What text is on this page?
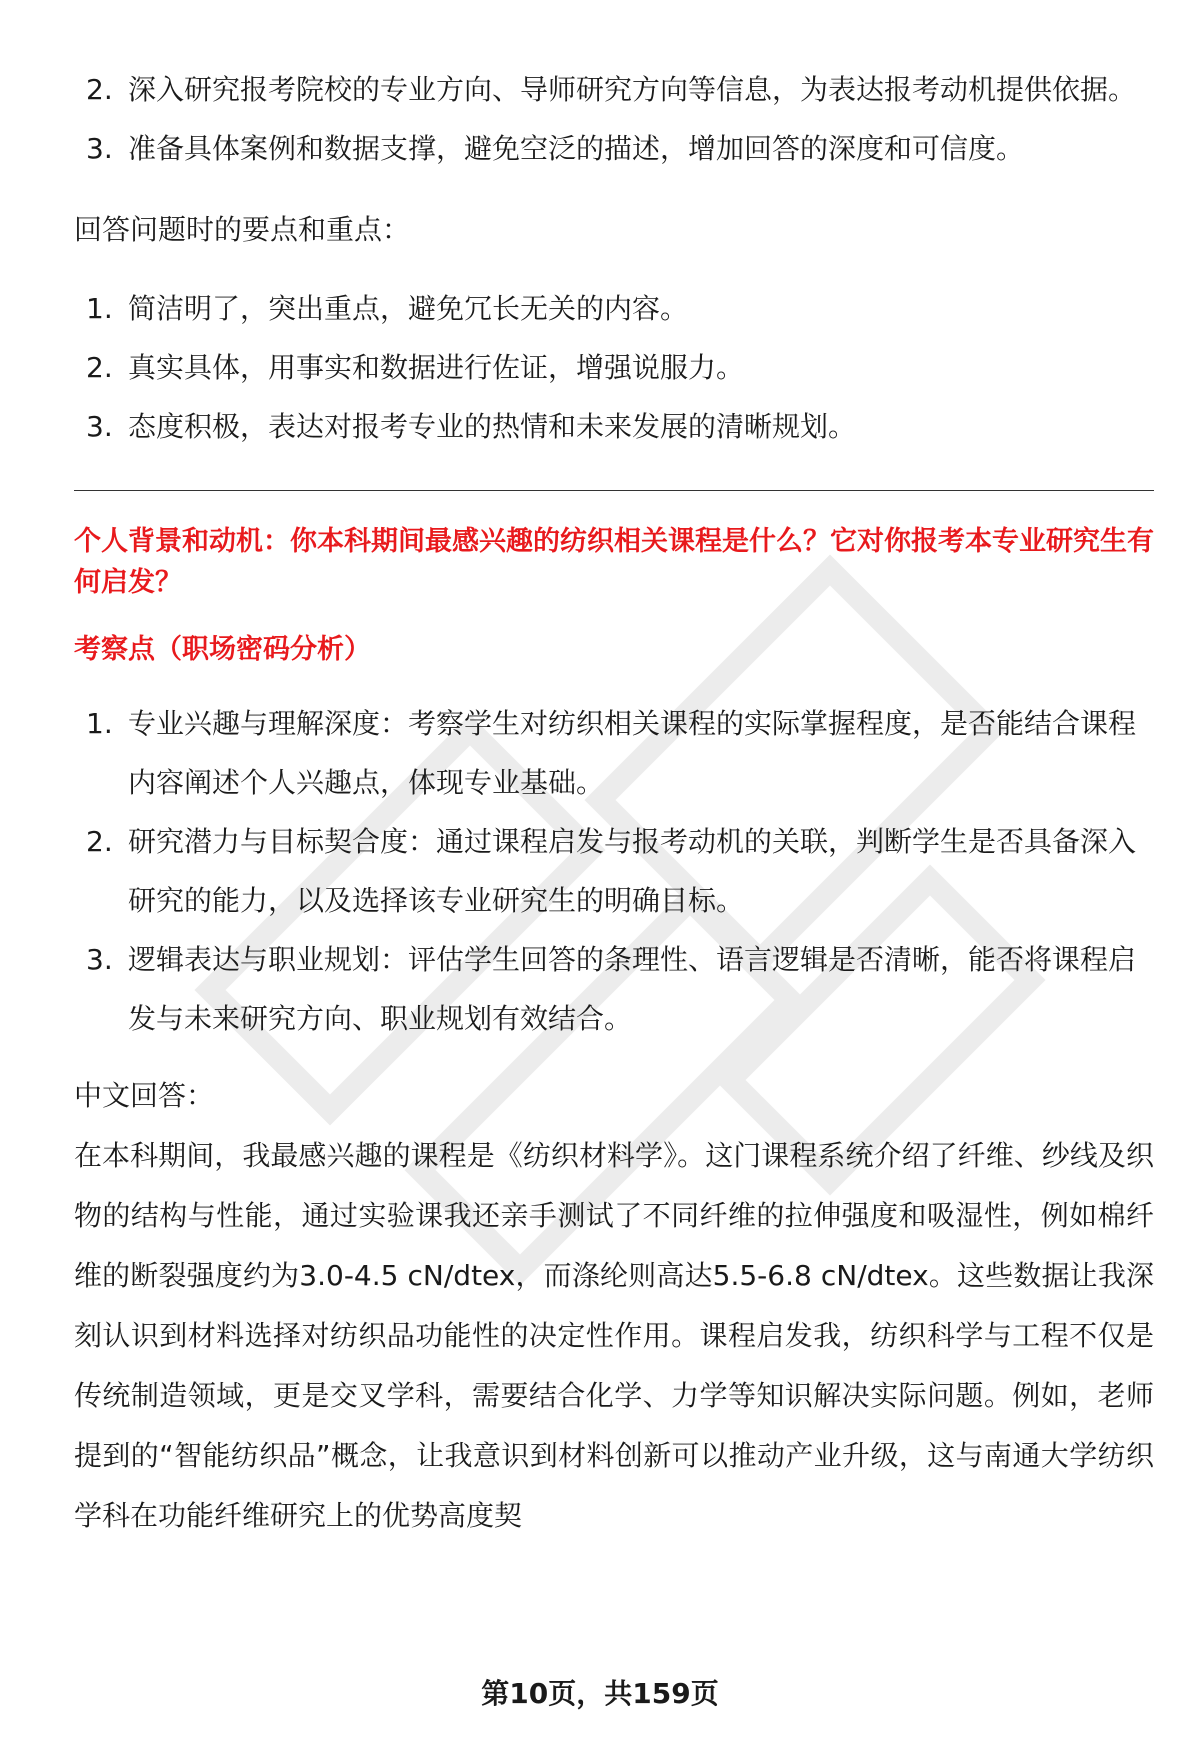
2. 深入研究报考院校的专业方向、导师研究方向等信息，为表达报考动机提供依据。
3. 准备具体案例和数据支撑，避免空泛的描述，增加回答的深度和可信度。
回答问题时的要点和重点：
1. 简洁明了，突出重点，避免冗长无关的内容。
2. 真实具体，用事实和数据进行佐证，增强说服力。
3. 态度积极，表达对报考专业的热情和未来发展的清晰规划。
个人背景和动机：你本科期间最感兴趣的纺织相关课程是什么？它对你报考本专业研究生有何启发？
考察点（职场密码分析）
1. 专业兴趣与理解深度：考察学生对纺织相关课程的实际掌握程度，是否能结合课程内容阐述个人兴趣点，体现专业基础。
2. 研究潜力与目标契合度：通过课程启发与报考动机的关联，判断学生是否具备深入研究的能力，以及选择该专业研究生的明确目标。
3. 逻辑表达与职业规划：评估学生回答的条理性、语言逻辑是否清晰，能否将课程启发与未来研究方向、职业规划有效结合。
中文回答：
在本科期间，我最感兴趣的课程是《纺织材料学》。这门课程系统介绍了纤维、纱线及织物的结构与性能，通过实验课我还亲手测试了不同纤维的拉伸强度和吸湿性，例如棉纤维的断裂强度约为3.0-4.5 cN/dtex，而涤纶则高达5.5-6.8 cN/dtex。这些数据让我深刻认识到材料选择对纺织品功能性的决定性作用。课程启发我，纺织科学与工程不仅是传统制造领域，更是交叉学科，需要结合化学、力学等知识解决实际问题。例如，老师提到的“智能纺织品”概念，让我意识到材料创新可以推动产业升级，这与南通大学纺织学科在功能纤维研究上的优势高度契
第10页，共159页
